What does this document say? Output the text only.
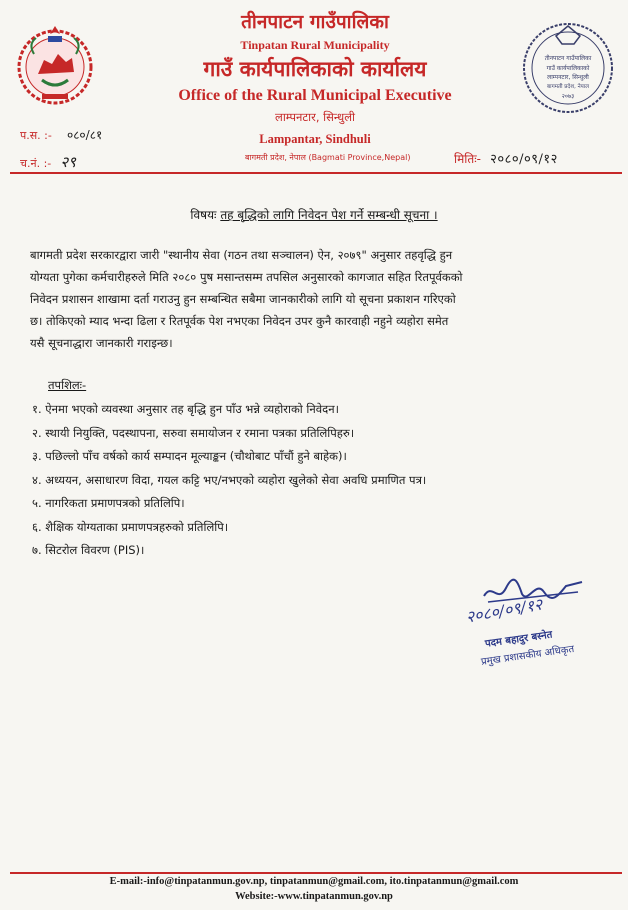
तीनपाटन गाउँपालिका
Tinpatan Rural Municipality
गाउँ कार्यपालिकाको कार्यालय
Office of the Rural Municipal Executive
लाम्पनटार, सिन्धुली
Lampantar, Sindhuli
बागमती प्रदेश, नेपाल (Bagmati Province,Nepal)
तीनपाटन गाउँपालिका
गाउँ कार्यपालिकाको
लाम्पनटार, सिन्धुली
बागमती प्रदेश, नेपाल
२०७३
प.स. :- ०८०/८१
च.नं. :- २९	मितिः- २०८०/०९/१२
विषयः तह बृद्धिको लागि निवेदन पेश गर्ने सम्बन्धी सूचना ।
बागमती प्रदेश सरकारद्वारा जारी "स्थानीय सेवा (गठन तथा सञ्चालन) ऐन, २०७९" अनुसार तहवृद्धि हुन
योग्यता पुगेका कर्मचारीहरुले मिति २०८० पुष मसान्तसम्म तपसिल अनुसारको कागजात सहित रितपूर्वकको
निवेदन प्रशासन शाखामा दर्ता गराउनु हुन सम्बन्धित सबैमा जानकारीको लागि यो सूचना प्रकाशन गरिएको
छ। तोकिएको म्याद भन्दा ढिला र रितपूर्वक पेश नभएका निवेदन उपर कुनै कारवाही नहुने व्यहोरा समेत
यसै सूचनाद्धारा जानकारी गराइन्छ।
तपशिलः-
१. ऐनमा भएको व्यवस्था अनुसार तह बृद्धि हुन पाँउ भन्ने व्यहोराको निवेदन।
२. स्थायी नियुक्ति, पदस्थापना, सरुवा समायोजन र रमाना पत्रका प्रतिलिपिहरु।
३. पछिल्लो पाँच वर्षको कार्य सम्पादन मूल्याङ्कन (चौथोबाट पाँचौं हुने बाहेक)।
४. अध्ययन, असाधारण विदा, गयल कट्टि भए/नभएको व्यहोरा खुलेको सेवा अवधि प्रमाणित पत्र।
५. नागरिकता प्रमाणपत्रको प्रतिलिपि।
६. शैक्षिक योग्यताका प्रमाणपत्रहरुको प्रतिलिपि।
७. सिटरोल विवरण (PIS)।
२०८०/०९/१२
पदम बहादुर बस्नेत
प्रमुख प्रशासकीय अधिकृत
E-mail:-info@tinpatanmun.gov.np, tinpatanmun@gmail.com, ito.tinpatanmun@gmail.com
Website:-www.tinpatanmun.gov.np
